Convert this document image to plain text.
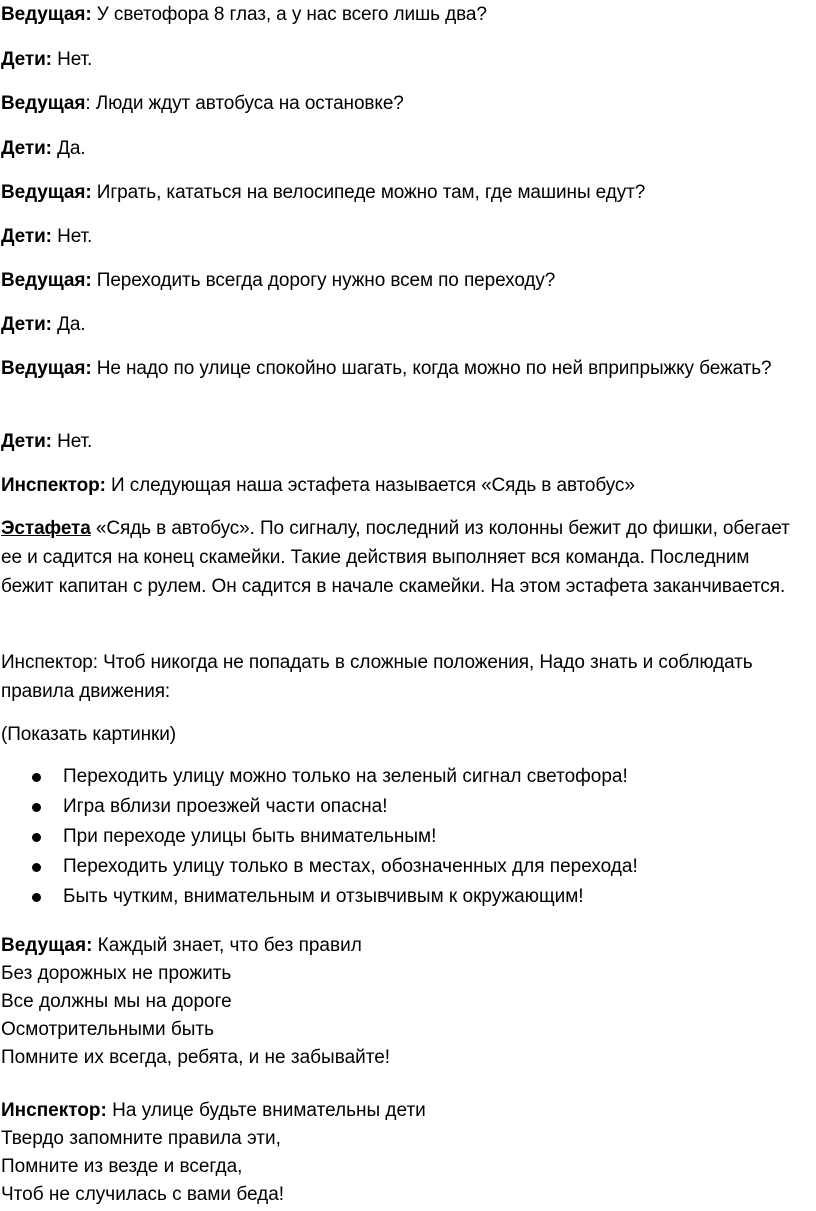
Ведущая: У светофора 8 глаз, а у нас всего лишь два?
Дети: Нет.
Ведущая: Люди ждут автобуса на остановке?
Дети: Да.
Ведущая: Играть, кататься на велосипеде можно там, где машины едут?
Дети: Нет.
Ведущая: Переходить всегда дорогу нужно всем по переходу?
Дети: Да.
Ведущая: Не надо по улице спокойно шагать, когда можно по ней вприпрыжку бежать?
Дети: Нет.
Инспектор: И следующая наша эстафета называется «Сядь в автобус»
Эстафета «Сядь в автобус». По сигналу, последний из колонны бежит до фишки, обегает ее и садится на конец скамейки. Такие действия выполняет вся команда. Последним бежит капитан с рулем. Он садится в начале скамейки. На этом эстафета заканчивается.
Инспектор: Чтоб никогда не попадать в сложные положения, Надо знать и соблюдать правила движения:
(Показать картинки)
Переходить улицу можно только на зеленый сигнал светофора!
Игра вблизи проезжей части опасна!
При переходе улицы быть внимательным!
Переходить улицу только в местах, обозначенных для перехода!
Быть чутким, внимательным и отзывчивым к окружающим!
Ведущая: Каждый знает, что без правил
Без дорожных не прожить
Все должны мы на дороге
Осмотрительными быть
Помните их всегда, ребята, и не забывайте!
Инспектор: На улице будьте внимательны дети
Твердо запомните правила эти,
Помните из везде и всегда,
Чтоб не случилась с вами беда!
